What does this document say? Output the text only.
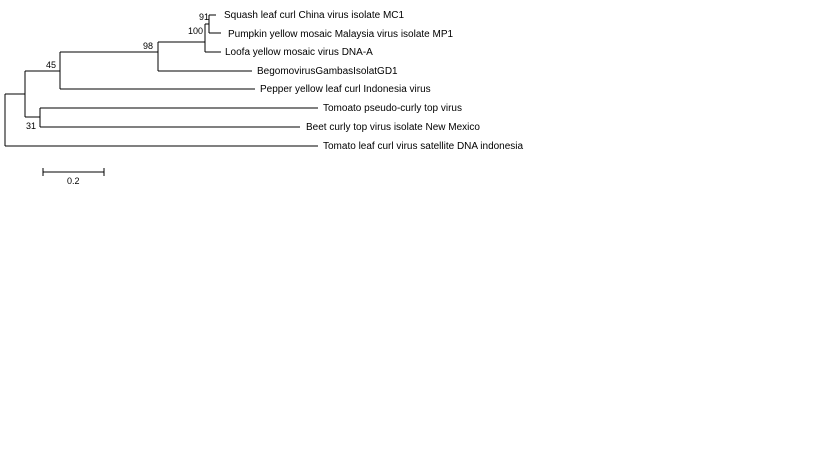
Squash leaf curl China virus isolate MC1
Pumpkin yellow mosaic Malaysia virus isolate MP1
Loofa yellow mosaic virus DNA-A
BegomovirusGambasIsolatGD1
Pepper yellow leaf curl Indonesia virus
Tomoato pseudo-curly top virus
Beet curly top virus isolate New Mexico
Tomato leaf curl virus satellite DNA indonesia
91
100
98
45
31
0.2
